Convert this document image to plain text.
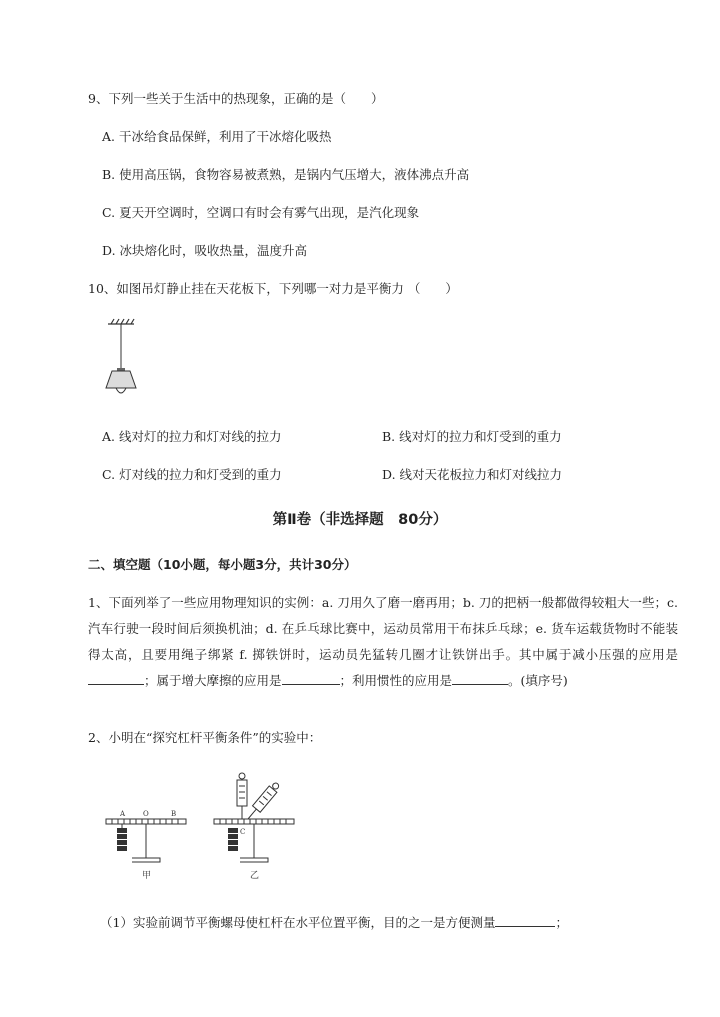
9、下列一些关于生活中的热现象，正确的是（　　）
A. 干冰给食品保鲜，利用了干冰熔化吸热
B. 使用高压锅，食物容易被煮熟，是锅内气压增大，液体沸点升高
C. 夏天开空调时，空调口有时会有雾气出现，是汽化现象
D. 冰块熔化时，吸收热量，温度升高
10、如图吊灯静止挂在天花板下，下列哪一对力是平衡力 （　　）
A. 线对灯的拉力和灯对线的拉力	B. 线对灯的拉力和灯受到的重力
C. 灯对线的拉力和灯受到的重力	D. 线对天花板拉力和灯对线拉力
第Ⅱ卷（非选择题　80分）
二、填空题（10小题，每小题3分，共计30分）
1、下面列举了一些应用物理知识的实例：a. 刀用久了磨一磨再用；b. 刀的把柄一般都做得较粗大一些；c. 汽车行驶一段时间后须换机油；d. 在乒乓球比赛中，运动员常用干布抹乒乓球；e. 货车运载货物时不能装得太高，且要用绳子绑紧 f. 掷铁饼时，运动员先猛转几圈才让铁饼出手。其中属于减小压强的应用是；属于增大摩擦的应用是	；利用惯性的应用是	。(填序号)
2、小明在“探究杠杆平衡条件”的实验中：
A	O	B
甲
C
乙
（1）实验前调节平衡螺母使杠杆在水平位置平衡，目的之一是方便测量	；
